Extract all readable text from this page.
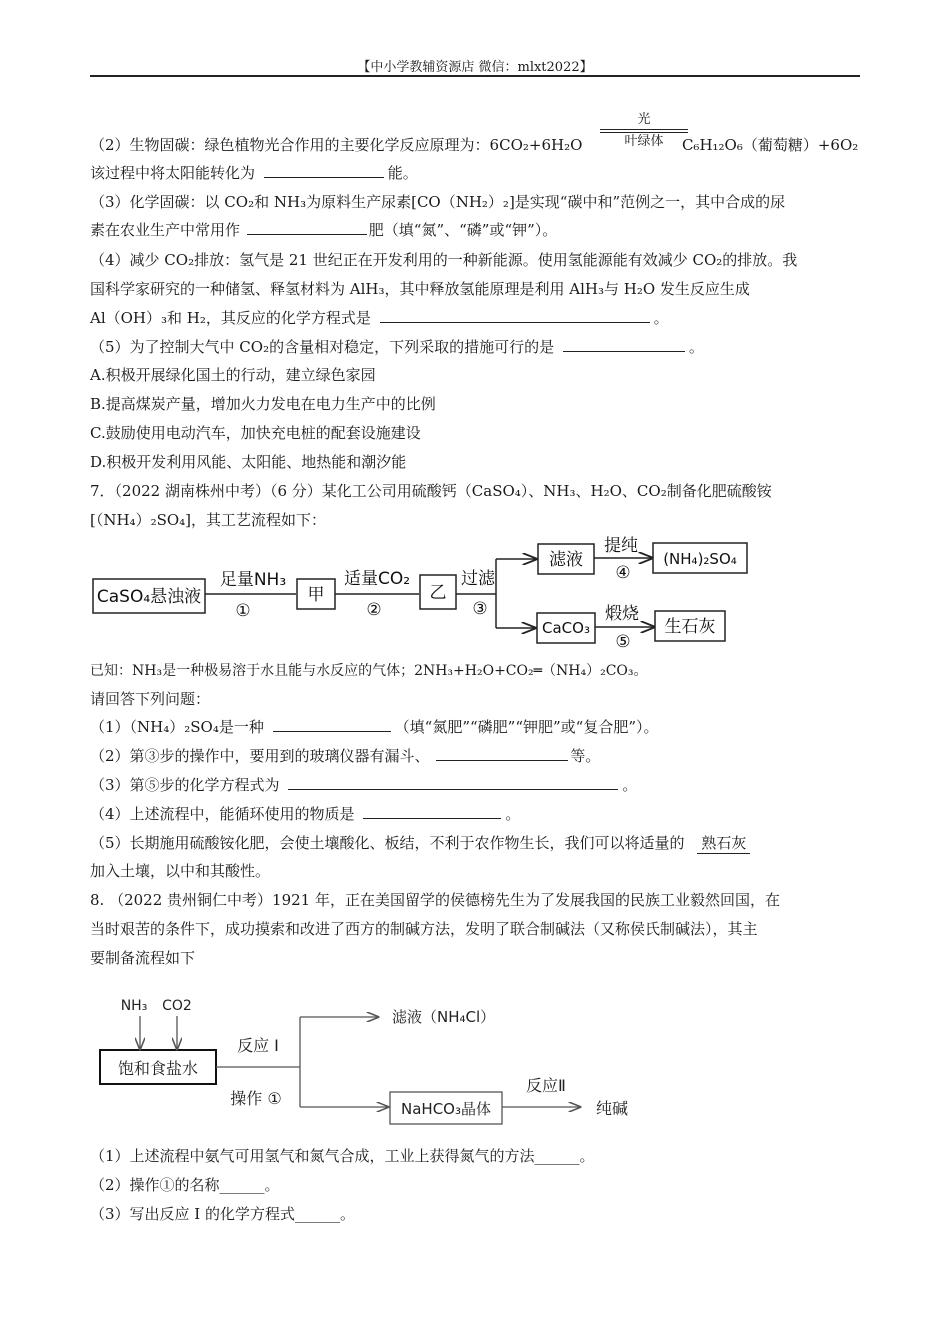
【中小学教辅资源店 微信：mlxt2022】
（2）生物固碳：绿色植物光合作用的主要化学反应原理为：6CO₂+6H₂O	C₆H₁₂O₆（葡萄糖）+6O₂
光
叶绿体
该过程中将太阳能转化为	能。
（3）化学固碳：以 CO₂和 NH₃为原料生产尿素[CO（NH₂）₂]是实现“碳中和”范例之一，其中合成的尿
素在农业生产中常用作	肥（填“氮”、“磷”或“钾”）。
（4）减少 CO₂排放：氢气是 21 世纪正在开发利用的一种新能源。使用氢能源能有效减少 CO₂的排放。我
国科学家研究的一种储氢、释氢材料为 AlH₃，其中释放氢能原理是利用 AlH₃与 H₂O 发生反应生成
Al（OH）₃和 H₂，其反应的化学方程式是	。
（5）为了控制大气中 CO₂的含量相对稳定，下列采取的措施可行的是	。
A.积极开展绿化国土的行动，建立绿色家园
B.提高煤炭产量，增加火力发电在电力生产中的比例
C.鼓励使用电动汽车，加快充电桩的配套设施建设
D.积极开发利用风能、太阳能、地热能和潮汐能
7．（2022 湖南株州中考）（6 分）某化工公司用硫酸钙（CaSO₄）、NH₃、H₂O、CO₂制备化肥硫酸铵
[（NH₄）₂SO₄]，其工艺流程如下：
CaSO₄悬浊液
足量NH₃
①
甲
适量CO₂
②
乙
过滤
③
滤液
提纯
④
(NH₄)₂SO₄
CaCO₃
煅烧
⑤
生石灰
已知：NH₃是一种极易溶于水且能与水反应的气体；2NH₃+H₂O+CO₂═（NH₄）₂CO₃。
请回答下列问题：
（1）（NH₄）₂SO₄是一种	（填“氮肥”“磷肥”“钾肥”或“复合肥”）。
（2）第③步的操作中，要用到的玻璃仪器有漏斗、	等。
（3）第⑤步的化学方程式为	。
（4）上述流程中，能循环使用的物质是	。
（5）长期施用硫酸铵化肥，会使土壤酸化、板结，不利于农作物生长，我们可以将适量的 熟石灰
加入土壤，以中和其酸性。
8. （2022 贵州铜仁中考）1921 年，正在美国留学的侯德榜先生为了发展我国的民族工业毅然回国，在
当时艰苦的条件下，成功摸索和改进了西方的制碱方法，发明了联合制碱法（又称侯氏制碱法），其主
要制备流程如下
NH₃ CO2
饱和食盐水
反应 I
操作 ①
滤液（NH₄Cl）
NaHCO₃晶体
反应Ⅱ
纯碱
（1）上述流程中氨气可用氢气和氮气合成，工业上获得氮气的方法______。
（2）操作①的名称______。
（3）写出反应 I 的化学方程式______。
